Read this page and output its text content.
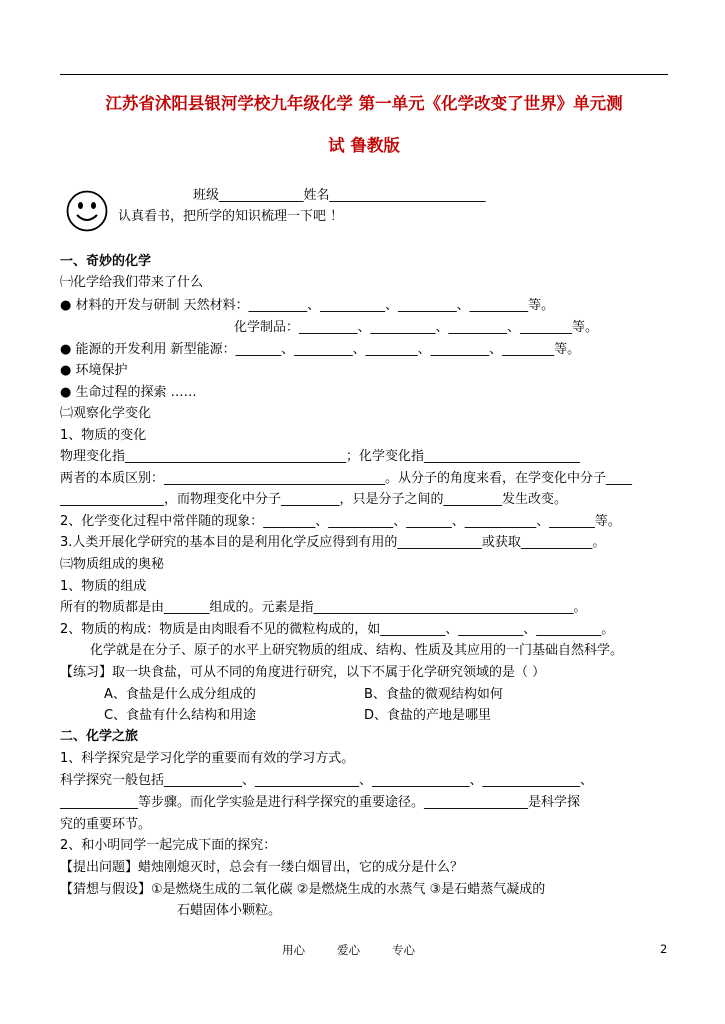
江苏省沭阳县银河学校九年级化学 第一单元《化学改变了世界》单元测
试 鲁教版
班级_____________姓名________________________
认真看书，把所学的知识梳理一下吧 ！
一、奇妙的化学
㈠化学给我们带来了什么
● 材料的开发与研制 天然材料：_________、__________、_________、_________等。
化学制品：_________、__________、_________、________等。
● 能源的开发利用 新型能源：_______、_________、________、_________、________等。
● 环境保护
● 生命过程的探索 ……
㈡观察化学变化
1、物质的变化
物理变化指__________________________________；化学变化指________________________
两者的本质区别：__________________________________。从分子的角度来看，在学变化中分子____
________________，而物理变化中分子_________，只是分子之间的_________发生改变。
2、化学变化过程中常伴随的现象：________、__________、_______、___________、_______等。
3.人类开展化学研究的基本目的是利用化学反应得到有用的_____________或获取___________。
㈢物质组成的奥秘
1、物质的组成
所有的物质都是由_______组成的。元素是指________________________________________。
2、物质的构成：物质是由肉眼看不见的微粒构成的，如__________、__________、__________。
化学就是在分子、原子的水平上研究物质的组成、结构、性质及其应用的一门基础自然科学。
【练习】取一块食盐，可从不同的角度进行研究，以下不属于化学研究领域的是（ ）
A、食盐是什么成分组成的	B、食盐的微观结构如何
C、食盐有什么结构和用途	D、食盐的产地是哪里
二、化学之旅
1、科学探究是学习化学的重要而有效的学习方式。
科学探究一般包括____________、________________、_______________、_______________、
____________等步骤。而化学实验是进行科学探究的重要途径。________________是科学探
究的重要环节。
2、和小明同学一起完成下面的探究：
【提出问题】蜡烛刚熄灭时，总会有一缕白烟冒出，它的成分是什么？
【猜想与假设】①是燃烧生成的二氧化碳 ②是燃烧生成的水蒸气 ③是石蜡蒸气凝成的
石蜡固体小颗粒。
用心	爱心	专心	2
